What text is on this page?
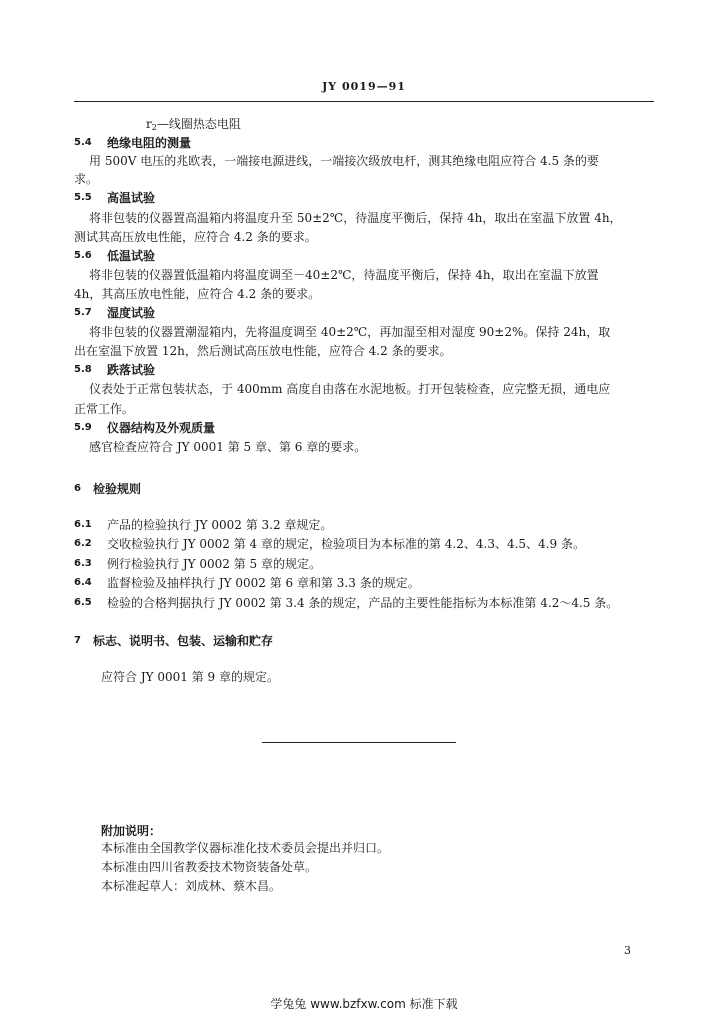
JY 0019—91
$r_2—$线圈热态电阻
5.4 绝缘电阻的测量
用 500V 电压的兆欧表，一端接电源进线，一端接次级放电杆，测其绝缘电阻应符合 4.5 条的要
求。
5.5 高温试验
将非包装的仪器置高温箱内将温度升至 50±2℃，待温度平衡后，保持 4h，取出在室温下放置 4h，
测试其高压放电性能，应符合 4.2 条的要求。
5.6 低温试验
将非包装的仪器置低温箱内将温度调至－40±2℃，待温度平衡后，保持 4h，取出在室温下放置
4h，其高压放电性能，应符合 4.2 条的要求。
5.7 湿度试验
将非包装的仪器置潮湿箱内，先将温度调至 40±2℃，再加湿至相对湿度 90±2%。保持 24h，取
出在室温下放置 12h，然后测试高压放电性能，应符合 4.2 条的要求。
5.8 跌落试验
仪表处于正常包装状态，于 400mm 高度自由落在水泥地板。打开包装检查，应完整无损，通电应
正常工作。
5.9 仪器结构及外观质量
感官检查应符合 JY 0001 第 5 章、第 6 章的要求。
6 检验规则
6.1 产品的检验执行 JY 0002 第 3.2 章规定。
6.2 交收检验执行 JY 0002 第 4 章的规定，检验项目为本标准的第 4.2、4.3、4.5、4.9 条。
6.3 例行检验执行 JY 0002 第 5 章的规定。
6.4 监督检验及抽样执行 JY 0002 第 6 章和第 3.3 条的规定。
6.5 检验的合格判据执行 JY 0002 第 3.4 条的规定，产品的主要性能指标为本标准第 4.2～4.5 条。
7 标志、说明书、包装、运输和贮存
应符合 JY 0001 第 9 章的规定。
附加说明：
本标准由全国教学仪器标准化技术委员会提出并归口。
本标准由四川省教委技术物资装备处草。
本标准起草人：刘成林、蔡木昌。
3
学兔兔 www.bzfxw.com 标准下载
